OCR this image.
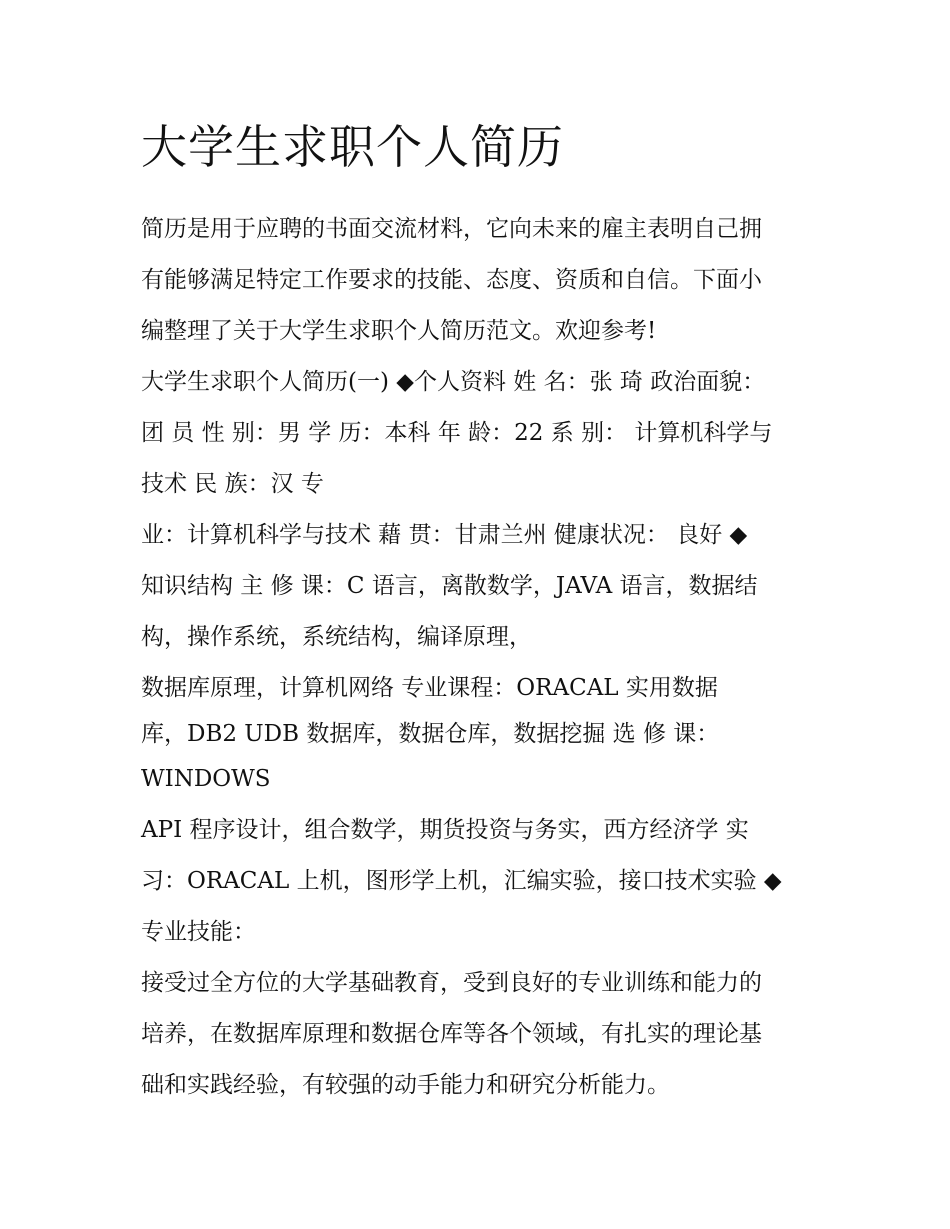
大学生求职个人简历
简历是用于应聘的书面交流材料，它向未来的雇主表明自己拥
有能够满足特定工作要求的技能、态度、资质和自信。下面小
编整理了关于大学生求职个人简历范文。欢迎参考!
大学生求职个人简历(一) ◆个人资料 姓 名：张 琦 政治面貌：
团 员 性 别：男 学 历：本科 年 龄：22 系 别： 计算机科学与
技术 民 族：汉 专
业：计算机科学与技术 藉 贯：甘肃兰州 健康状况： 良好 ◆
知识结构 主 修 课：C 语言，离散数学，JAVA 语言，数据结
构，操作系统，系统结构，编译原理，
数据库原理，计算机网络 专业课程：ORACAL 实用数据
库，DB2 UDB 数据库，数据仓库，数据挖掘 选 修 课：
WINDOWS
API 程序设计，组合数学，期货投资与务实，西方经济学 实
习：ORACAL 上机，图形学上机，汇编实验，接口技术实验 ◆
专业技能：
接受过全方位的大学基础教育，受到良好的专业训练和能力的
培养，在数据库原理和数据仓库等各个领域，有扎实的理论基
础和实践经验，有较强的动手能力和研究分析能力。
